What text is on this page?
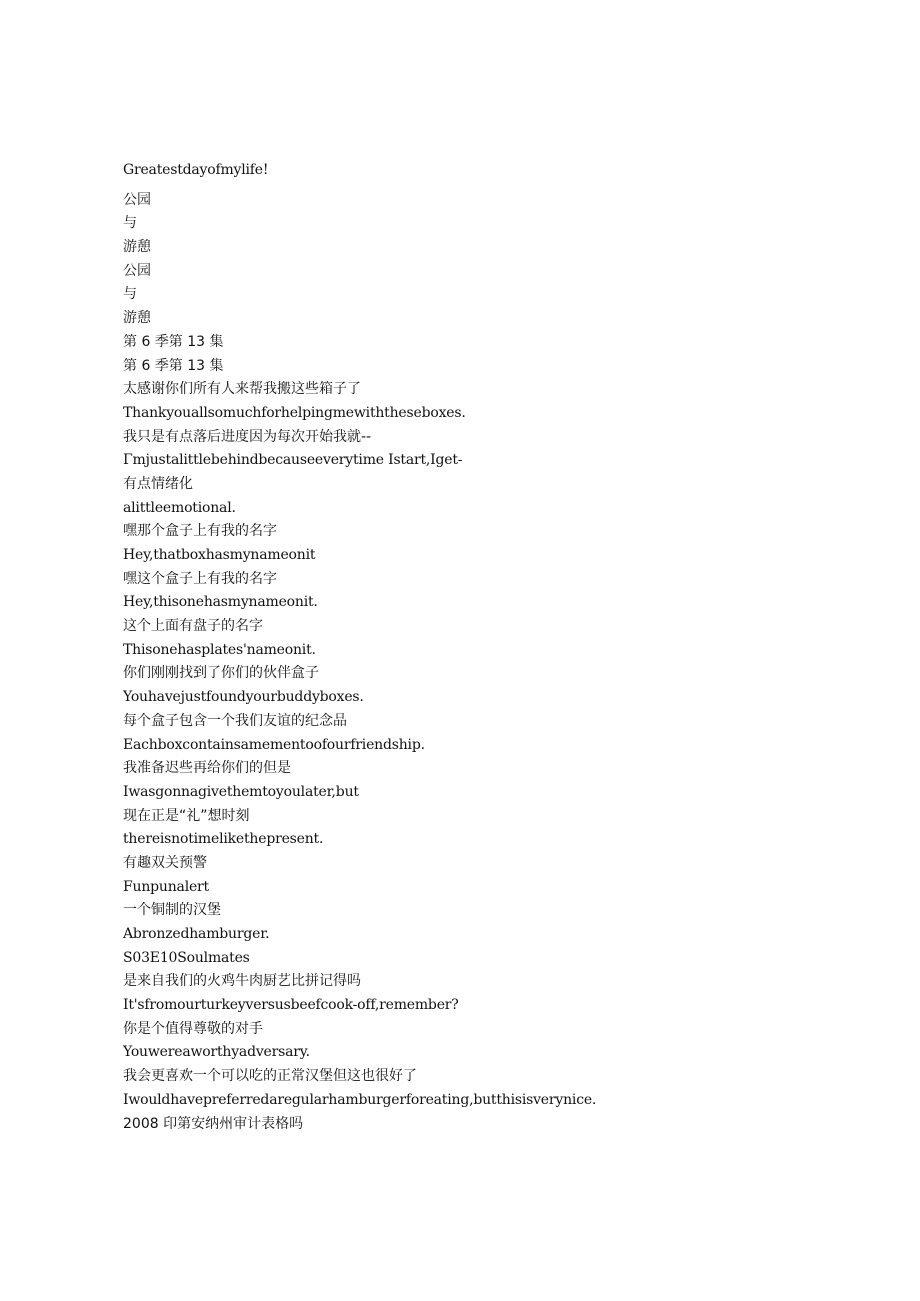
Greatestdayofmylife!
公园
与
游憩
公园
与
游憩
第 6 季第 13 集
第 6 季第 13 集
太感谢你们所有人来帮我搬这些箱子了
Thankyouallsomuchforhelpingmewiththeseboxes.
我只是有点落后进度因为每次开始我就--
Γmjustalittlebehindbecauseeverytime Istart,Iget-
有点情绪化
alittleemotional.
嘿那个盒子上有我的名字
Hey,thatboxhasmynameonit
嘿这个盒子上有我的名字
Hey,thisonehasmynameonit.
这个上面有盘子的名字
Thisonehasplates'nameonit.
你们刚刚找到了你们的伙伴盒子
Youhavejustfoundyourbuddyboxes.
每个盒子包含一个我们友谊的纪念品
Eachboxcontainsamementoofourfriendship.
我准备迟些再给你们的但是
Iwasgonnagivethemtoyoulater,but
现在正是“礼”想时刻
thereisnotimelikethepresent.
有趣双关预警
Funpunalert
一个铜制的汉堡
Abronzedhamburger.
S03E10Soulmates
是来自我们的火鸡牛肉厨艺比拼记得吗
It'sfromourturkeyversusbeefcook-off,remember?
你是个值得尊敬的对手
Youwereaworthyadversary.
我会更喜欢一个可以吃的正常汉堡但这也很好了
Iwouldhavepreferredaregularhamburgerforeating,butthisisverynice.
2008 印第安纳州审计表格吗
